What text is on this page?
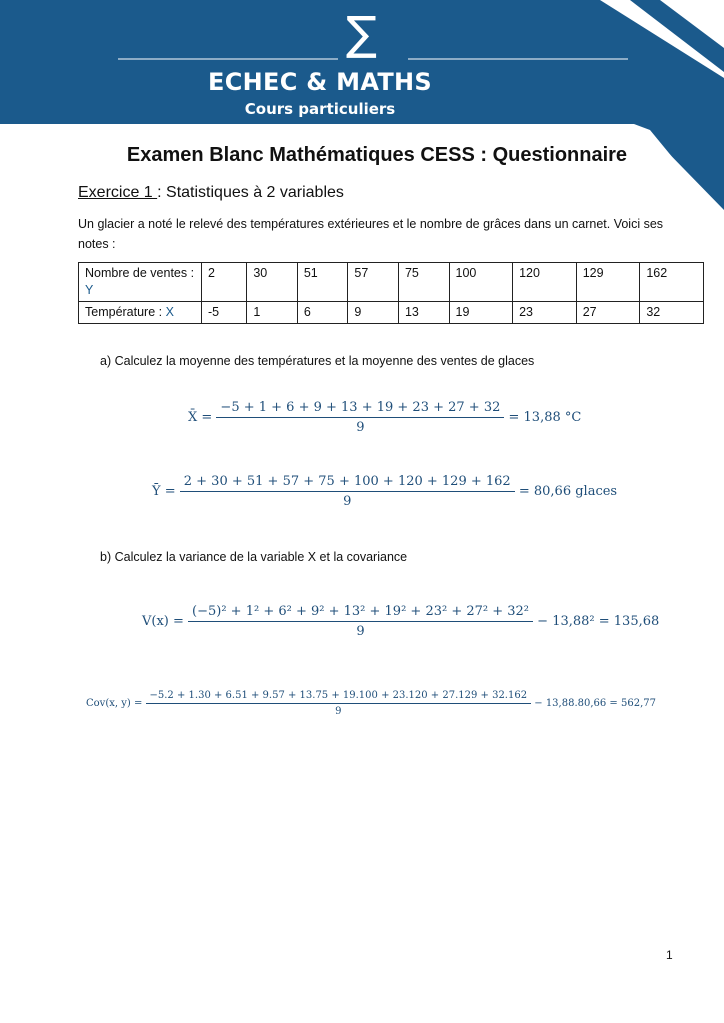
∑
ECHEC & MATHS
Cours particuliers
Examen Blanc Mathématiques CESS : Questionnaire
Exercice 1 : Statistiques à 2 variables
Un glacier a noté le relevé des températures extérieures et le nombre de grâces dans un carnet. Voici ses notes :
Nombre de ventes : Y	2	30	51	57	75	100	120	129	162
Température : X	-5	1	6	9	13	19	23	27	32
a) Calculez la moyenne des températures et la moyenne des ventes de glaces
X̄ = $\frac{-5 + 1 + 6 + 9 + 13 + 19 + 23 + 27 + 32}{9} = 13,88$ °C
Ȳ = $\frac{2 + 30 + 51 + 57 + 75 + 100 + 120 + 129 + 162}{9} = 80,66$ glaces
b) Calculez la variance de la variable X et la covariance
$V(x) = \frac{\text{(−5)² + 1² + 6² + 9² + 13² + 19² + 23² + 27² + 32²}}{9} - 13,88^2 = 135,68$
Cov(x, y) =
−5.2 + 1.30 + 6.51 + 9.57 + 13.75 + 19.100 + 23.120 + 27.129 + 32.162
9
− 13,88.80,66 = 562,77
1
